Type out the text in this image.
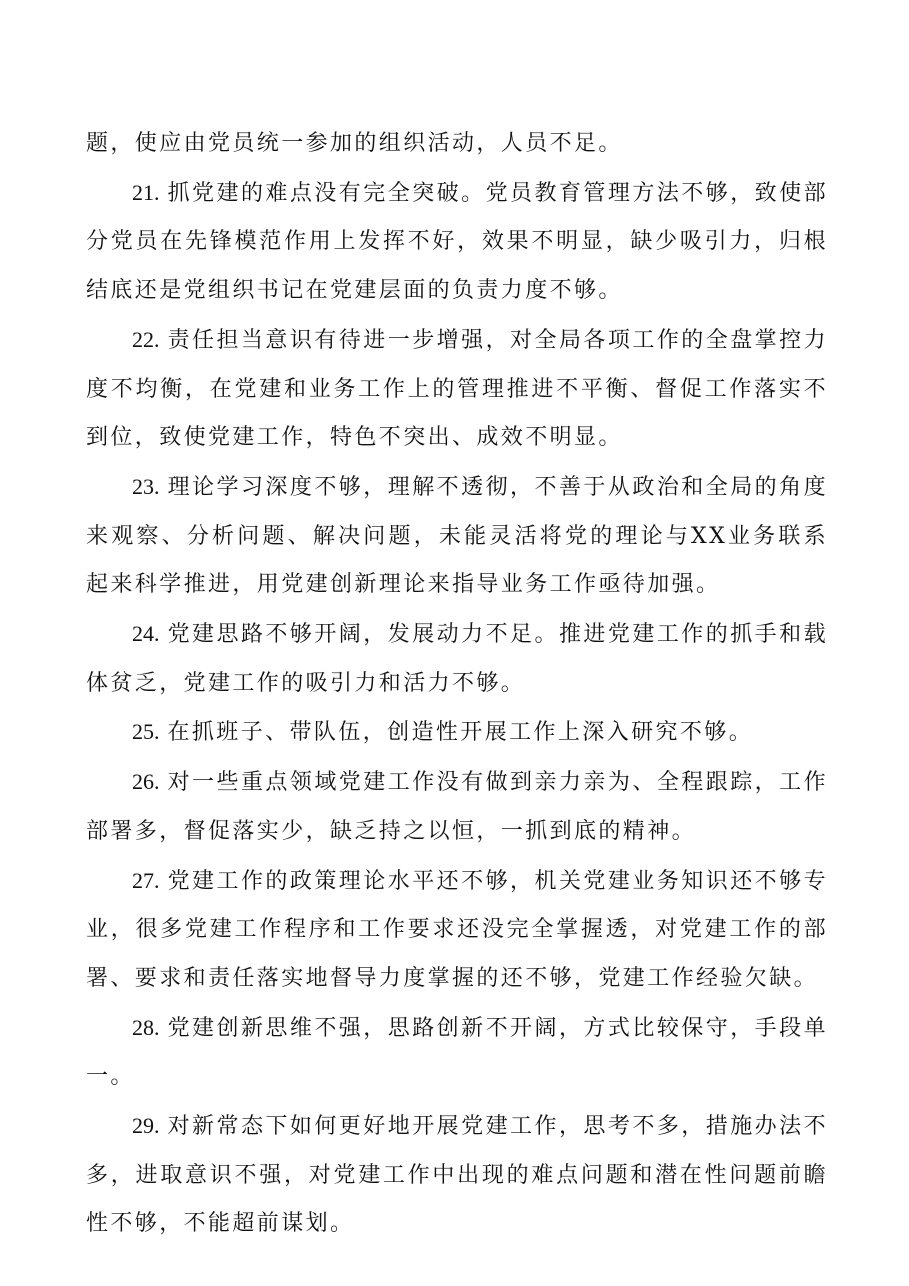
题，使应由党员统一参加的组织活动，人员不足。

21. 抓党建的难点没有完全突破。党员教育管理方法不够，致使部分党员在先锋模范作用上发挥不好，效果不明显，缺少吸引力，归根结底还是党组织书记在党建层面的负责力度不够。

22. 责任担当意识有待进一步增强，对全局各项工作的全盘掌控力度不均衡，在党建和业务工作上的管理推进不平衡、督促工作落实不到位，致使党建工作，特色不突出、成效不明显。

23. 理论学习深度不够，理解不透彻，不善于从政治和全局的角度来观察、分析问题、解决问题，未能灵活将党的理论与XX业务联系起来科学推进，用党建创新理论来指导业务工作亟待加强。

24. 党建思路不够开阔，发展动力不足。推进党建工作的抓手和载体贫乏，党建工作的吸引力和活力不够。

25. 在抓班子、带队伍，创造性开展工作上深入研究不够。

26. 对一些重点领域党建工作没有做到亲力亲为、全程跟踪，工作部署多，督促落实少，缺乏持之以恒，一抓到底的精神。

27. 党建工作的政策理论水平还不够，机关党建业务知识还不够专业，很多党建工作程序和工作要求还没完全掌握透，对党建工作的部署、要求和责任落实地督导力度掌握的还不够，党建工作经验欠缺。

28. 党建创新思维不强，思路创新不开阔，方式比较保守，手段单一。

29. 对新常态下如何更好地开展党建工作，思考不多，措施办法不多，进取意识不强，对党建工作中出现的难点问题和潜在性问题前瞻性不够，不能超前谋划。
